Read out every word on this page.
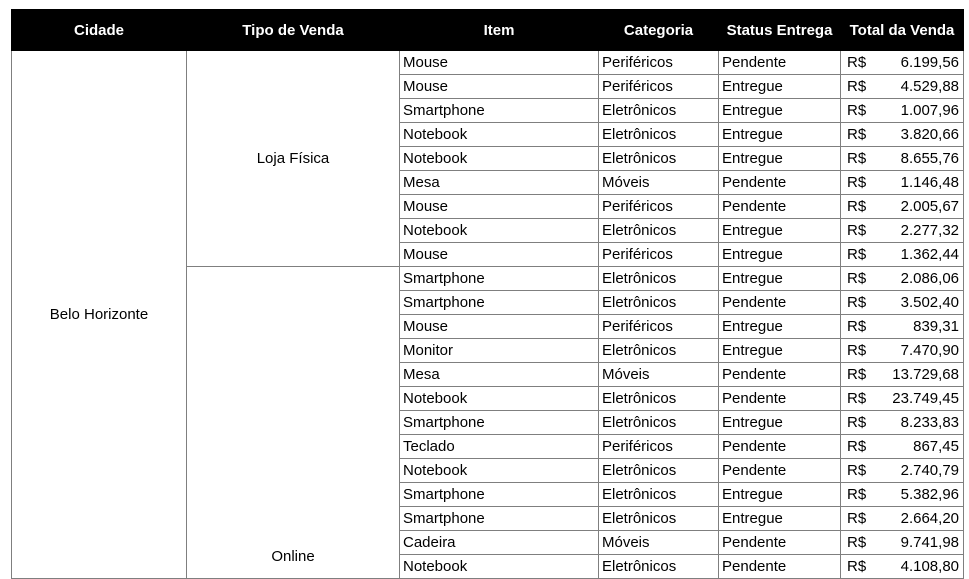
Cidade	Tipo de Venda	Item	Categoria	Status Entrega	Total da Venda
Belo Horizonte	Loja Física	Mouse	Periféricos	Pendente	R$ 6.199,56

		Mouse	Periféricos	Entregue	R$ 4.529,88

		Smartphone	Eletrônicos	Entregue	R$ 1.007,96

		Notebook	Eletrônicos	Entregue	R$ 3.820,66

		Notebook	Eletrônicos	Entregue	R$ 8.655,76

		Mesa	Móveis	Pendente	R$ 1.146,48

		Mouse	Periféricos	Pendente	R$ 2.005,67

		Notebook	Eletrônicos	Entregue	R$ 2.277,32

		Mouse	Periféricos	Entregue	R$ 1.362,44

	Online	Smartphone	Eletrônicos	Entregue	R$ 2.086,06

		Smartphone	Eletrônicos	Pendente	R$ 3.502,40

		Mouse	Periféricos	Entregue	R$ 839,31

		Monitor	Eletrônicos	Entregue	R$ 7.470,90

		Mesa	Móveis	Pendente	R$ 13.729,68

		Notebook	Eletrônicos	Pendente	R$ 23.749,45

		Smartphone	Eletrônicos	Entregue	R$ 8.233,83

		Teclado	Periféricos	Pendente	R$ 867,45

		Notebook	Eletrônicos	Pendente	R$ 2.740,79

		Smartphone	Eletrônicos	Entregue	R$ 5.382,96

		Smartphone	Eletrônicos	Entregue	R$ 2.664,20

		Cadeira	Móveis	Pendente	R$ 9.741,98

		Notebook	Eletrônicos	Pendente	R$ 4.108,80
